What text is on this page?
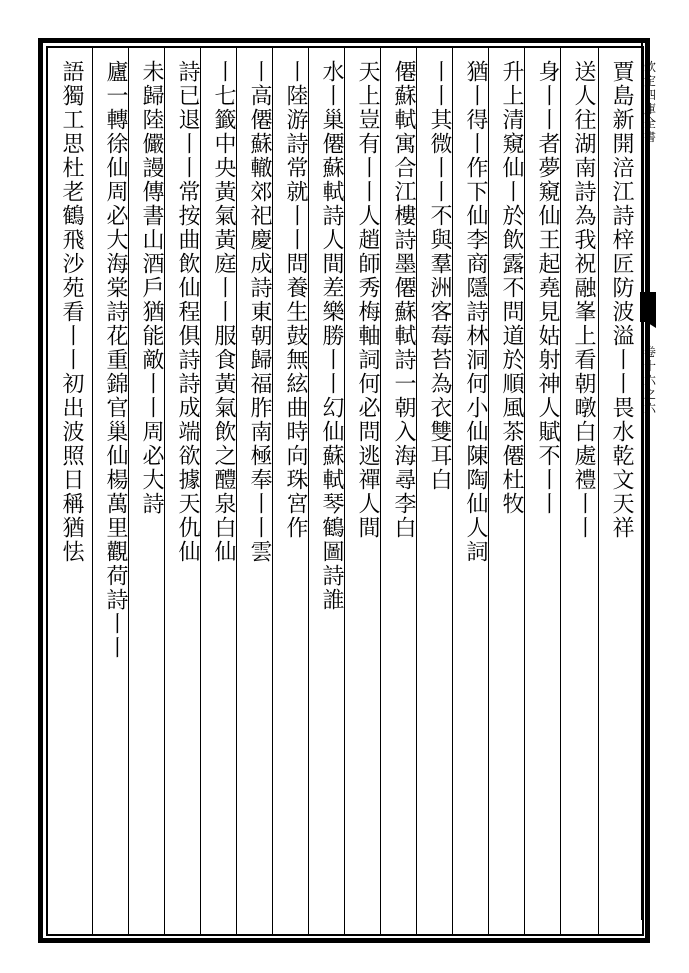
欽定四庫全書
卷十六之六
賈島新開涪江詩梓匠防波溢丨丨畏水乾文天祥
送人往湖南詩為我祝融峯上看朝暾白處禮丨丨
身丨丨者夢窺仙王起堯見姑射神人賦不丨丨
升上清窺仙丨於飲露不問道於順風茶僊杜牧
猶丨得丨作下仙李商隱詩林洞何小仙陳陶仙人詞
丨丨其微丨丨不與羣洲客莓苔為衣雙耳白
僊蘇軾寓合江樓詩墨僊蘇軾詩一朝入海尋李白
天上豈有丨丨人趙師秀梅軸詞何必問逃禪人間
水丨巢僊蘇軾詩人間差樂勝丨丨幻仙蘇軾琴鶴圖詩誰
丨陸游詩常就丨丨問養生鼓無絃曲時向珠宮作
丨高僊蘇轍郊祀慶成詩東朝歸福胙南極奉丨丨雲
丨七籤中央黃氣黃庭丨丨服食黃氣飲之醴泉白仙
詩已退丨丨常按曲飲仙程俱詩詩成端欲據天仇仙
未歸陸儼謾傳書山酒戶猶能敵丨丨周必大詩
廬一轉徐仙周必大海棠詩花重錦官巢仙楊萬里觀荷詩丨丨
語獨工思杜老鶴飛沙苑看丨丨初出波照日稱猶怯
